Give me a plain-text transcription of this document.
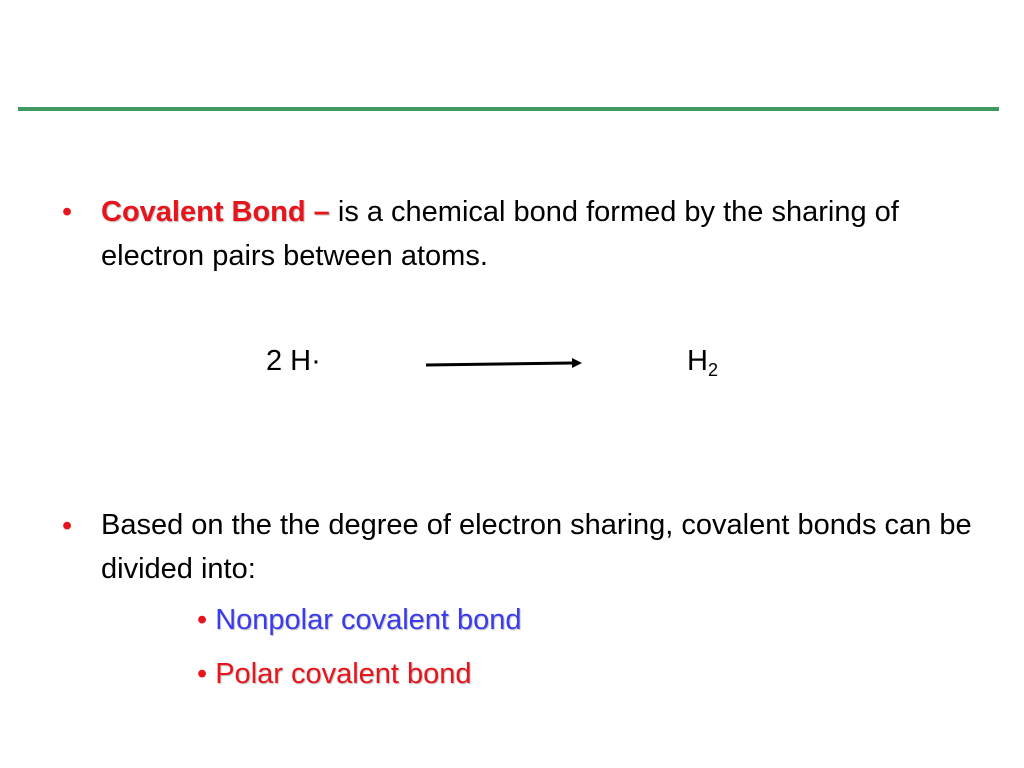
• Covalent Bond – is a chemical bond formed by the sharing of electron pairs between atoms.

2 H·	$H_2$
• Based on the the degree of electron sharing, covalent bonds can be divided into:

• Nonpolar covalent bond
• Polar covalent bond
